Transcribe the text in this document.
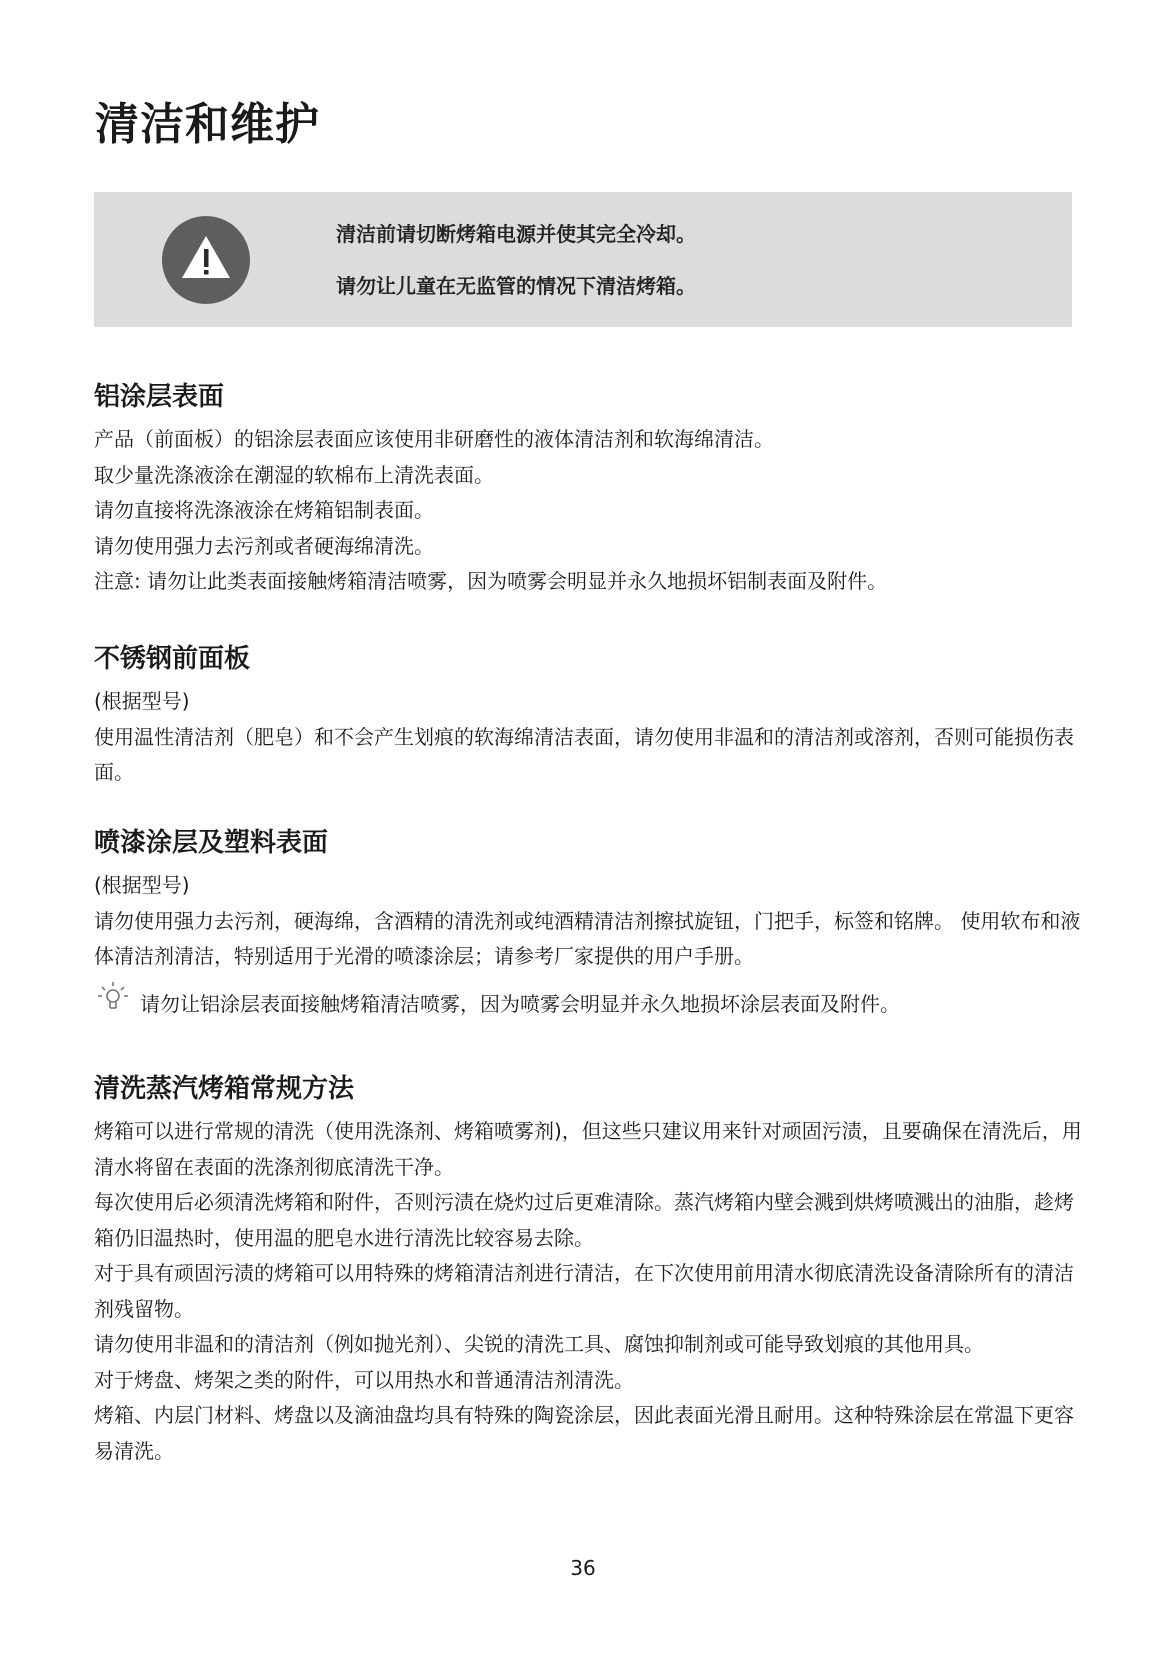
清洁和维护
清洁前请切断烤箱电源并使其完全冷却。
请勿让儿童在无监管的情况下清洁烤箱。
铝涂层表面

产品（前面板）的铝涂层表面应该使用非研磨性的液体清洁剂和软海绵清洁。

取少量洗涤液涂在潮湿的软棉布上清洗表面。

请勿直接将洗涤液涂在烤箱铝制表面。

请勿使用强力去污剂或者硬海绵清洗。

注意: 请勿让此类表面接触烤箱清洁喷雾，因为喷雾会明显并永久地损坏铝制表面及附件。

不锈钢前面板

(根据型号)

使用温性清洁剂（肥皂）和不会产生划痕的软海绵清洁表面，请勿使用非温和的清洁剂或溶剂，否则可能损伤表面。

喷漆涂层及塑料表面

(根据型号)

请勿使用强力去污剂，硬海绵，含酒精的清洗剂或纯酒精清洁剂擦拭旋钮，门把手，标签和铭牌。 使用软布和液体清洁剂清洁，特别适用于光滑的喷漆涂层；请参考厂家提供的用户手册。

请勿让铝涂层表面接触烤箱清洁喷雾，因为喷雾会明显并永久地损坏涂层表面及附件。
清洗蒸汽烤箱常规方法

烤箱可以进行常规的清洗（使用洗涤剂、烤箱喷雾剂)，但这些只建议用来针对顽固污渍，且要确保在清洗后，用清水将留在表面的洗涤剂彻底清洗干净。

每次使用后必须清洗烤箱和附件，否则污渍在烧灼过后更难清除。蒸汽烤箱内壁会溅到烘烤喷溅出的油脂，趁烤箱仍旧温热时，使用温的肥皂水进行清洗比较容易去除。

对于具有顽固污渍的烤箱可以用特殊的烤箱清洁剂进行清洁，在下次使用前用清水彻底清洗设备清除所有的清洁剂残留物。

请勿使用非温和的清洁剂（例如抛光剂）、尖锐的清洗工具、腐蚀抑制剂或可能导致划痕的其他用具。

对于烤盘、烤架之类的附件，可以用热水和普通清洁剂清洗。

烤箱、内层门材料、烤盘以及滴油盘均具有特殊的陶瓷涂层，因此表面光滑且耐用。这种特殊涂层在常温下更容易清洗。

36
